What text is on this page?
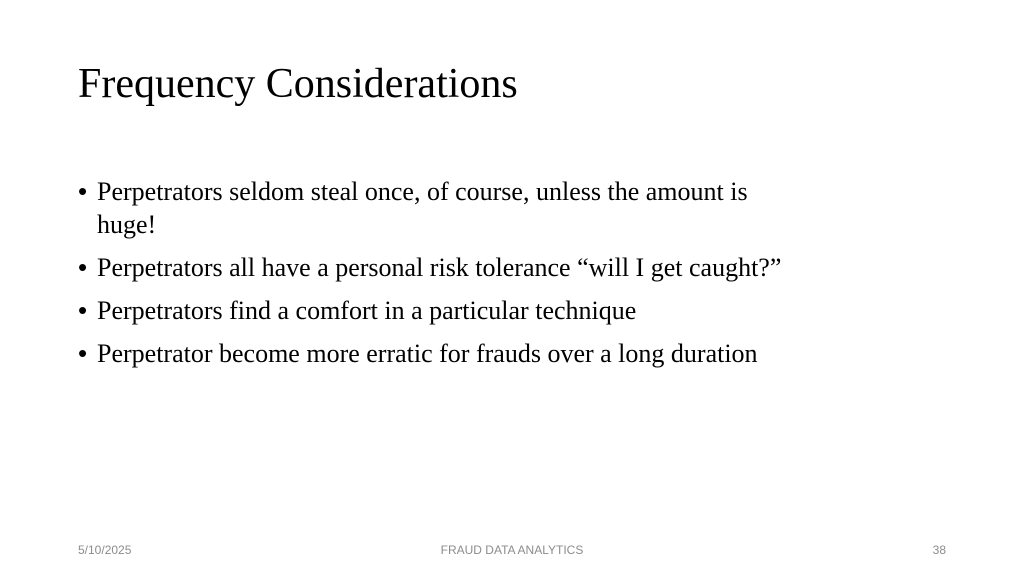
Frequency Considerations
• Perpetrators seldom steal once, of course, unless the amount is huge!
• Perpetrators all have a personal risk tolerance “will I get caught?”
• Perpetrators find a comfort in a particular technique
• Perpetrator become more erratic for frauds over a long duration
5/10/2025	FRAUD DATA ANALYTICS	38
